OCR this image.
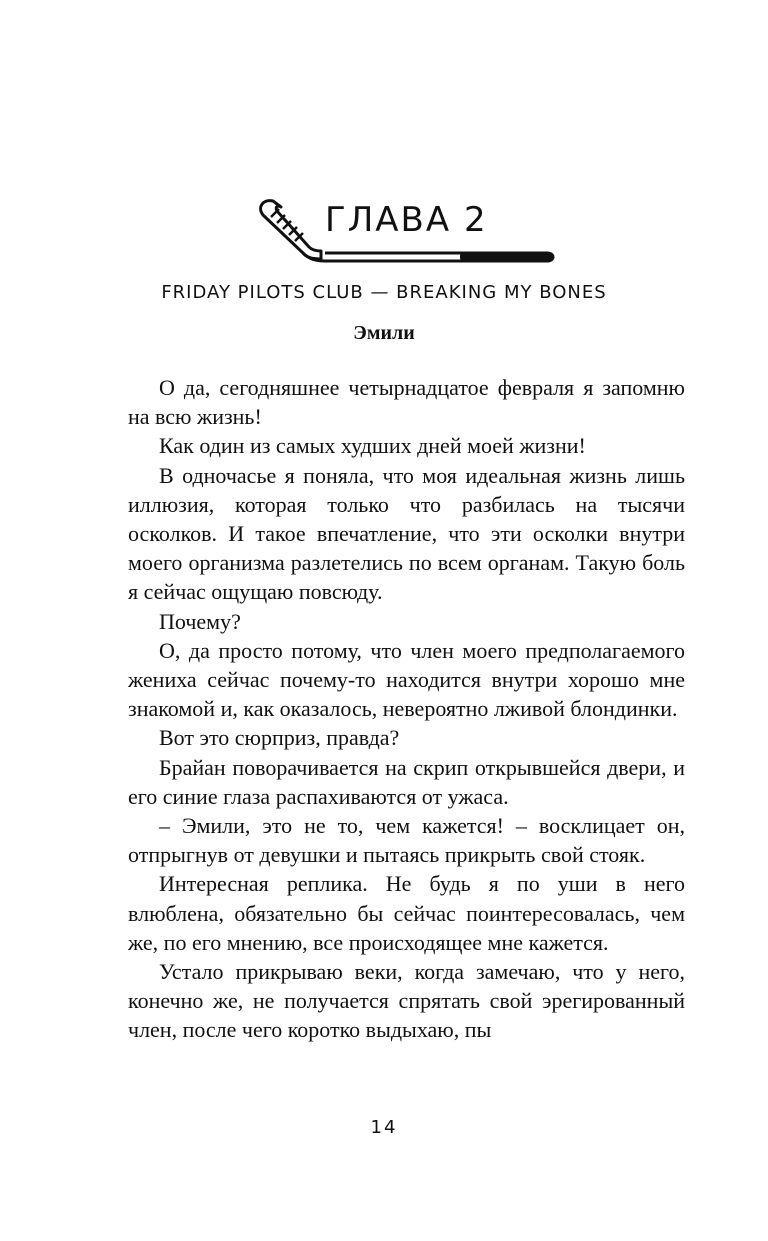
ГЛАВА 2
FRIDAY PILOTS CLUB — BREAKING MY BONES
Эмили

О да, сегодняшнее четырнадцатое февраля я запомню на всю жизнь!

Как один из самых худших дней моей жизни!

В одночасье я поняла, что моя идеальная жизнь лишь иллюзия, которая только что разбилась на тысячи осколков. И такое впечатление, что эти осколки внутри моего организма разлетелись по всем органам. Такую боль я сейчас ощущаю повсюду.

Почему?

О, да просто потому, что член моего предполагаемого жениха сейчас почему-то находится внутри хорошо мне знакомой и, как оказалось, невероятно лживой блондинки.

Вот это сюрприз, правда?

Брайан поворачивается на скрип открывшейся двери, и его синие глаза распахиваются от ужаса.

– Эмили, это не то, чем кажется! – восклицает он, отпрыгнув от девушки и пытаясь прикрыть свой стояк.

Интересная реплика. Не будь я по уши в него влюблена, обязательно бы сейчас поинтересовалась, чем же, по его мнению, все происходящее мне кажется.

Устало прикрываю веки, когда замечаю, что у него, конечно же, не получается спрятать свой эрегированный член, после чего коротко выдыхаю, пы

14
